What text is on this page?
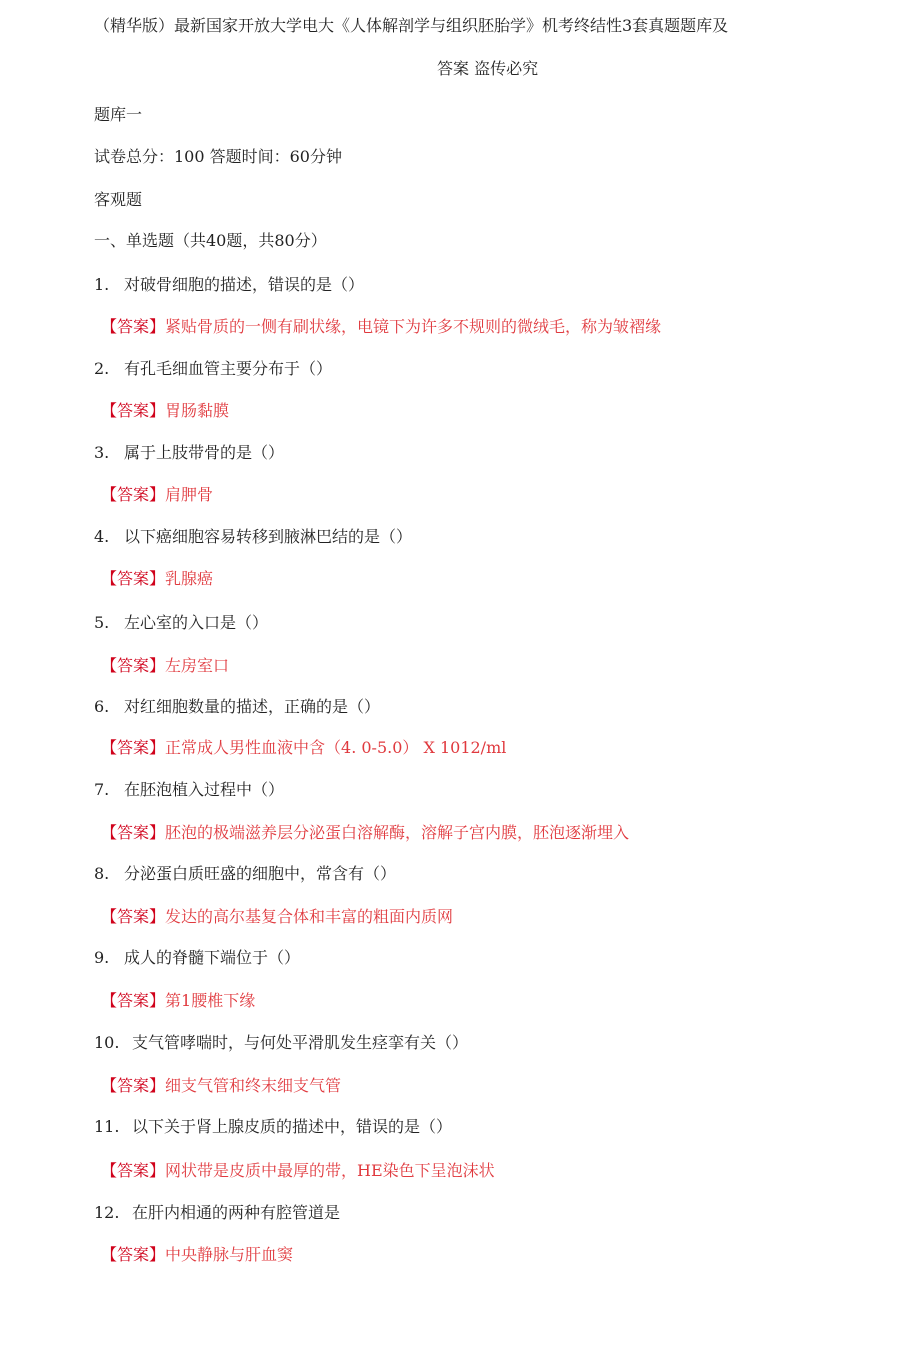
（精华版）最新国家开放大学电大《人体解剖学与组织胚胎学》机考终结性3套真题题库及
答案 盗传必究
题库一
试卷总分：100 答题时间：60分钟
客观题
一、单选题（共40题，共80分）
1. 对破骨细胞的描述，错误的是（）
【答案】紧贴骨质的一侧有刷状缘，电镜下为许多不规则的微绒毛，称为皱褶缘
2. 有孔毛细血管主要分布于（）
【答案】胃肠黏膜
3. 属于上肢带骨的是（）
【答案】肩胛骨
4. 以下癌细胞容易转移到腋淋巴结的是（）
【答案】乳腺癌
5. 左心室的入口是（）
【答案】左房室口
6. 对红细胞数量的描述，正确的是（）
【答案】正常成人男性血液中含（4. 0-5.0） X 1012/ml
7. 在胚泡植入过程中（）
【答案】胚泡的极端滋养层分泌蛋白溶解酶，溶解子宫内膜，胚泡逐渐埋入
8. 分泌蛋白质旺盛的细胞中，常含有（）
【答案】发达的高尔基复合体和丰富的粗面内质网
9. 成人的脊髓下端位于（）
【答案】第1腰椎下缘
10. 支气管哮喘时，与何处平滑肌发生痉挛有关（）
【答案】细支气管和终末细支气管
11. 以下关于肾上腺皮质的描述中，错误的是（）
【答案】网状带是皮质中最厚的带，HE染色下呈泡沫状
12. 在肝内相通的两种有腔管道是
【答案】中央静脉与肝血窦
